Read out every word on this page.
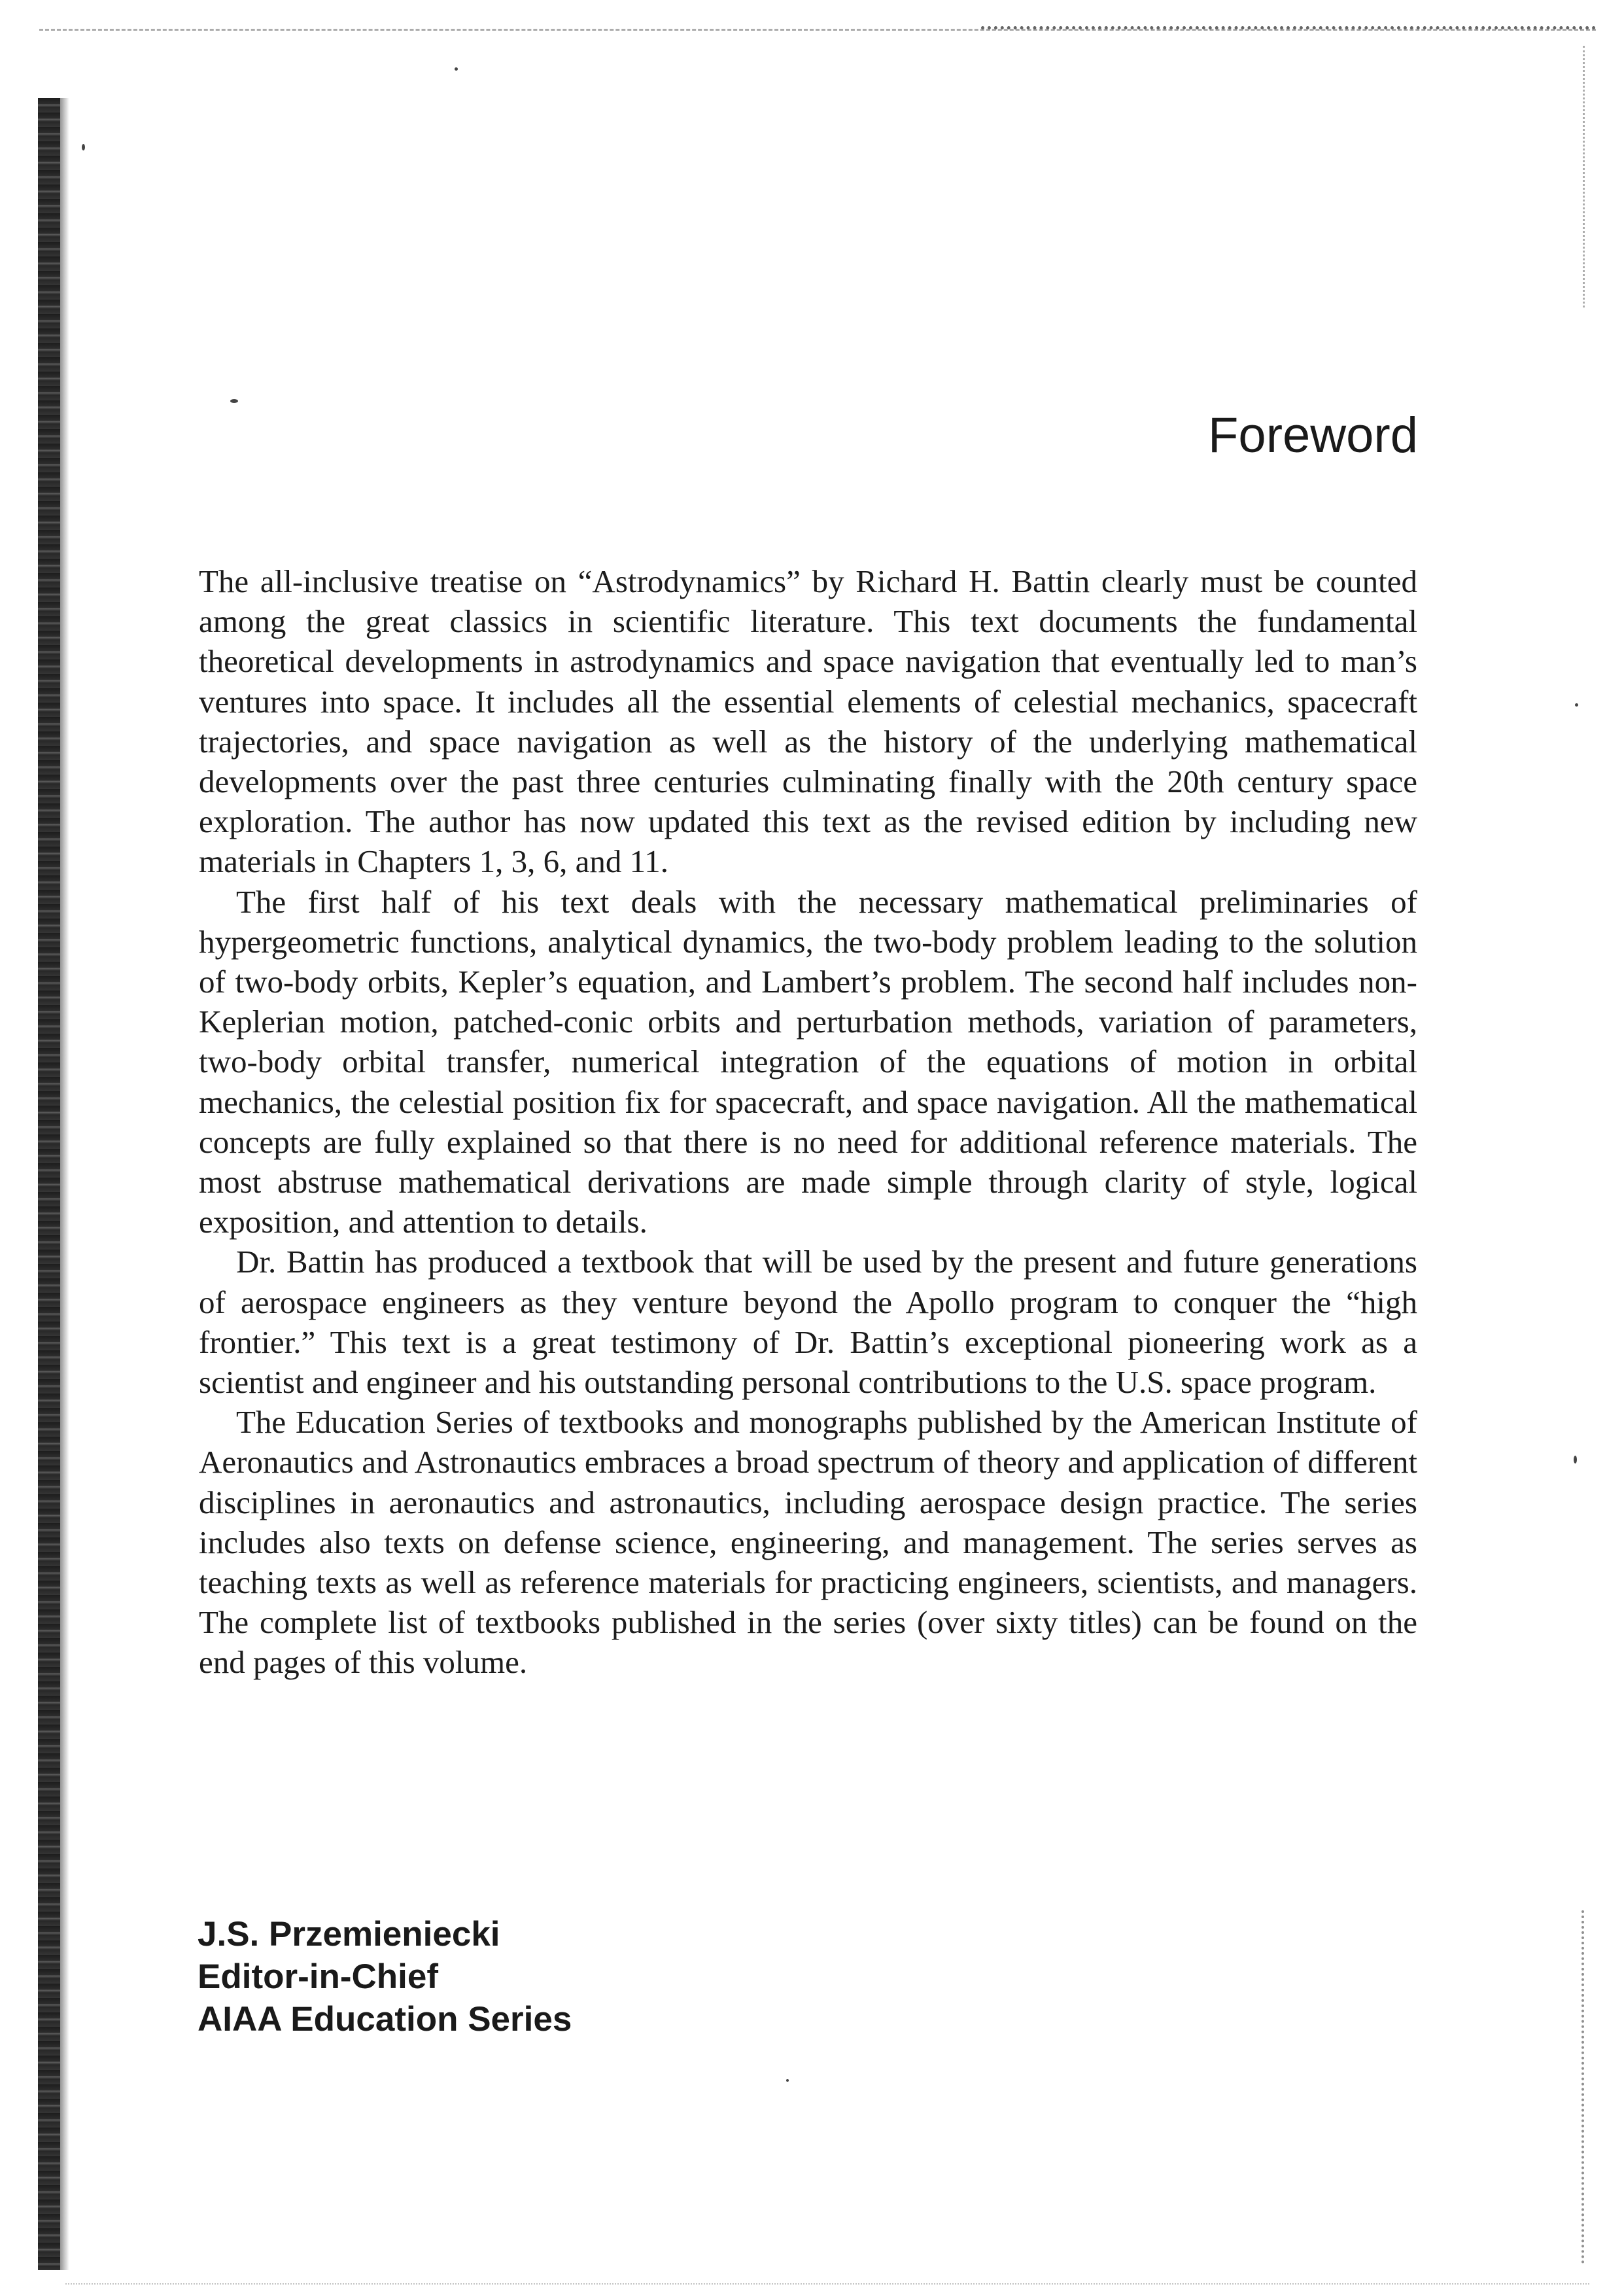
Foreword

The all-inclusive treatise on “Astrodynamics” by Richard H. Battin clearly must be counted among the great classics in scientific literature. This text documents the fundamental theoretical developments in astrodynamics and space navigation that eventually led to man’s ventures into space. It includes all the essential elements of celestial mechanics, spacecraft trajectories, and space navigation as well as the history of the underlying mathematical developments over the past three centuries culminating finally with the 20th century space exploration. The author has now updated this text as the revised edition by including new materials in Chapters 1, 3, 6, and 11.

The first half of his text deals with the necessary mathematical preliminaries of hypergeometric functions, analytical dynamics, the two-body problem leading to the solution of two-body orbits, Kepler’s equation, and Lambert’s problem. The second half includes non-Keplerian motion, patched-conic orbits and perturbation methods, variation of parameters, two-body orbital transfer, numerical integration of the equations of motion in orbital mechanics, the celestial position fix for spacecraft, and space navigation. All the mathematical concepts are fully explained so that there is no need for additional reference materials. The most abstruse mathematical derivations are made simple through clarity of style, logical exposition, and attention to details.

Dr. Battin has produced a textbook that will be used by the present and future generations of aerospace engineers as they venture beyond the Apollo program to conquer the “high frontier.” This text is a great testimony of Dr. Battin’s exceptional pioneering work as a scientist and engineer and his outstanding personal contributions to the U.S. space program.

The Education Series of textbooks and monographs published by the American Institute of Aeronautics and Astronautics embraces a broad spectrum of theory and application of different disciplines in aeronautics and astronautics, including aerospace design practice. The series includes also texts on defense science, engineering, and management. The series serves as teaching texts as well as reference materials for practicing engineers, scientists, and managers. The complete list of textbooks published in the series (over sixty titles) can be found on the end pages of this volume.

J.S. Przemieniecki
Editor-in-Chief
AIAA Education Series
